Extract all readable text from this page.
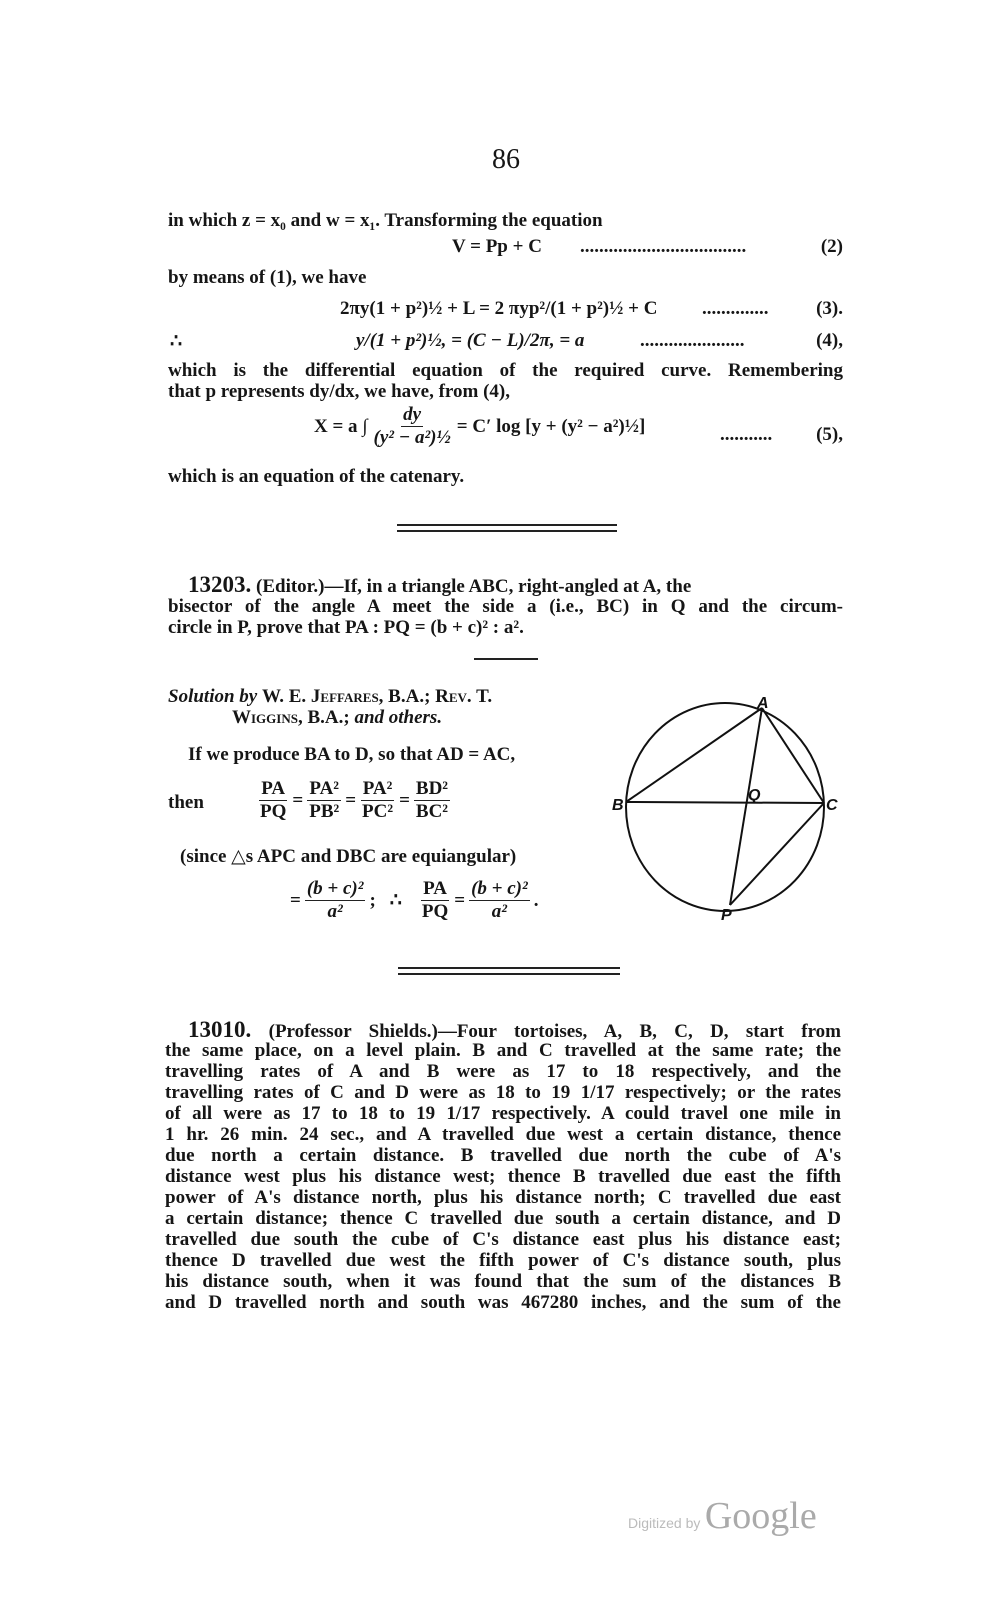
86
in which z = x₀ and w = x₁. Transforming the equation
V = Pp + C ...................................	(2)
by means of (1), we have
2πy(1 + p²)½ + L = 2 πyp²/(1 + p²)½ + C ..............	(3).
∴	y/(1 + p²)½, = (C − L)/2π, = a	......................	(4),
which is the differential equation of the required curve. Remembering
that p represents dy/dx, we have, from (4),
X = a ∫ $\frac{dy}{\text{(y² − a²)½}} = C'$ log [y + (y² − a²)½]	........... (5),
which is an equation of the catenary.
13203. (Editor.)—If, in a triangle ABC, right-angled at A, the
bisector of the angle A meet the side a (i.e., BC) in Q and the circum-
circle in P, prove that PA : PQ = (b + c)² : a².
Solution by W. E. Jeffares, B.A.; Rev. T.
Wiggins, B.A.; and others.
If we produce BA to D, so that AD = AC,
then	$\frac{PA}{PQ} = \frac{\text{PA²}}{\text{PB²}} = \frac{\text{PA²}}{\text{PC²}} = \frac{\text{BD²}}{\text{BC²}}$
(since △s APC and DBC are equiangular)
= $\frac{\text{(b + c)²}}{\text{a²}}$ ; ∴ $\frac{PA}{PQ} = \frac{\text{(b + c)²}}{\text{a²}}$ .
A
B	C
P
Q
13010. (Professor Shields.)—Four tortoises, A, B, C, D, start from
the same place, on a level plain. B and C travelled at the same rate; the
travelling rates of A and B were as 17 to 18 respectively, and the
travelling rates of C and D were as 18 to 19 1/17 respectively; or the rates
of all were as 17 to 18 to 19 1/17 respectively. A could travel one mile in
1 hr. 26 min. 24 sec., and A travelled due west a certain distance, thence
due north a certain distance. B travelled due north the cube of A's
distance west plus his distance west; thence B travelled due east the fifth
power of A's distance north, plus his distance north; C travelled due east
a certain distance; thence C travelled due south a certain distance, and D
travelled due south the cube of C's distance east plus his distance east;
thence D travelled due west the fifth power of C's distance south, plus
his distance south, when it was found that the sum of the distances B
and D travelled north and south was 467280 inches, and the sum of the
Digitized by Google
